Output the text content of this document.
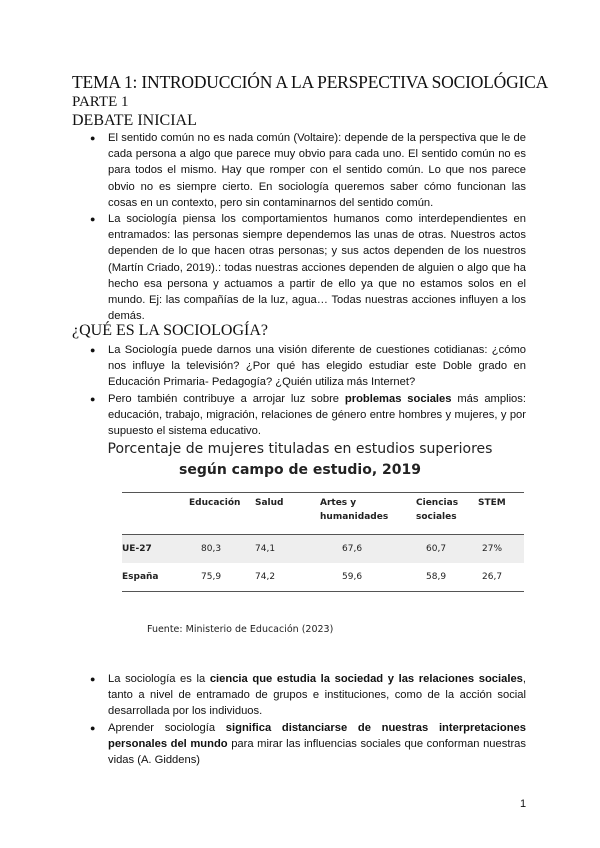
TEMA 1: INTRODUCCIÓN A LA PERSPECTIVA SOCIOLÓGICA
PARTE 1
DEBATE INICIAL
● El sentido común no es nada común (Voltaire): depende de la perspectiva que le de cada persona a algo que parece muy obvio para cada uno. El sentido común no es para todos el mismo. Hay que romper con el sentido común. Lo que nos parece obvio no es siempre cierto. En sociología queremos saber cómo funcionan las cosas en un contexto, pero sin contaminarnos del sentido común.
● La sociología piensa los comportamientos humanos como interdependientes en entramados: las personas siempre dependemos las unas de otras. Nuestros actos dependen de lo que hacen otras personas; y sus actos dependen de los nuestros (Martín Criado, 2019).: todas nuestras acciones dependen de alguien o algo que ha hecho esa persona y actuamos a partir de ello ya que no estamos solos en el mundo. Ej: las compañías de la luz, agua… Todas nuestras acciones influyen a los demás.
¿QUÉ ES LA SOCIOLOGÍA?
● La Sociología puede darnos una visión diferente de cuestiones cotidianas: ¿cómo nos influye la televisión? ¿Por qué has elegido estudiar este Doble grado en Educación Primaria- Pedagogía? ¿Quién utiliza más Internet?
● Pero también contribuye a arrojar luz sobre problemas sociales más amplios: educación, trabajo, migración, relaciones de género entre hombres y mujeres, y por supuesto el sistema educativo.
Porcentaje de mujeres tituladas en estudios superiores
según campo de estudio, 2019
	Educación	Salud	Artes y humanidades	Ciencias sociales	STEM
UE-27	80,3	74,1	67,6	60,7	27%
España	75,9	74,2	59,6	58,9	26,7
Fuente: Ministerio de Educación (2023)
● La sociología es la ciencia que estudia la sociedad y las relaciones sociales, tanto a nivel de entramado de grupos e instituciones, como de la acción social desarrollada por los individuos.
● Aprender sociología significa distanciarse de nuestras interpretaciones personales del mundo para mirar las influencias sociales que conforman nuestras vidas (A. Giddens)
1
